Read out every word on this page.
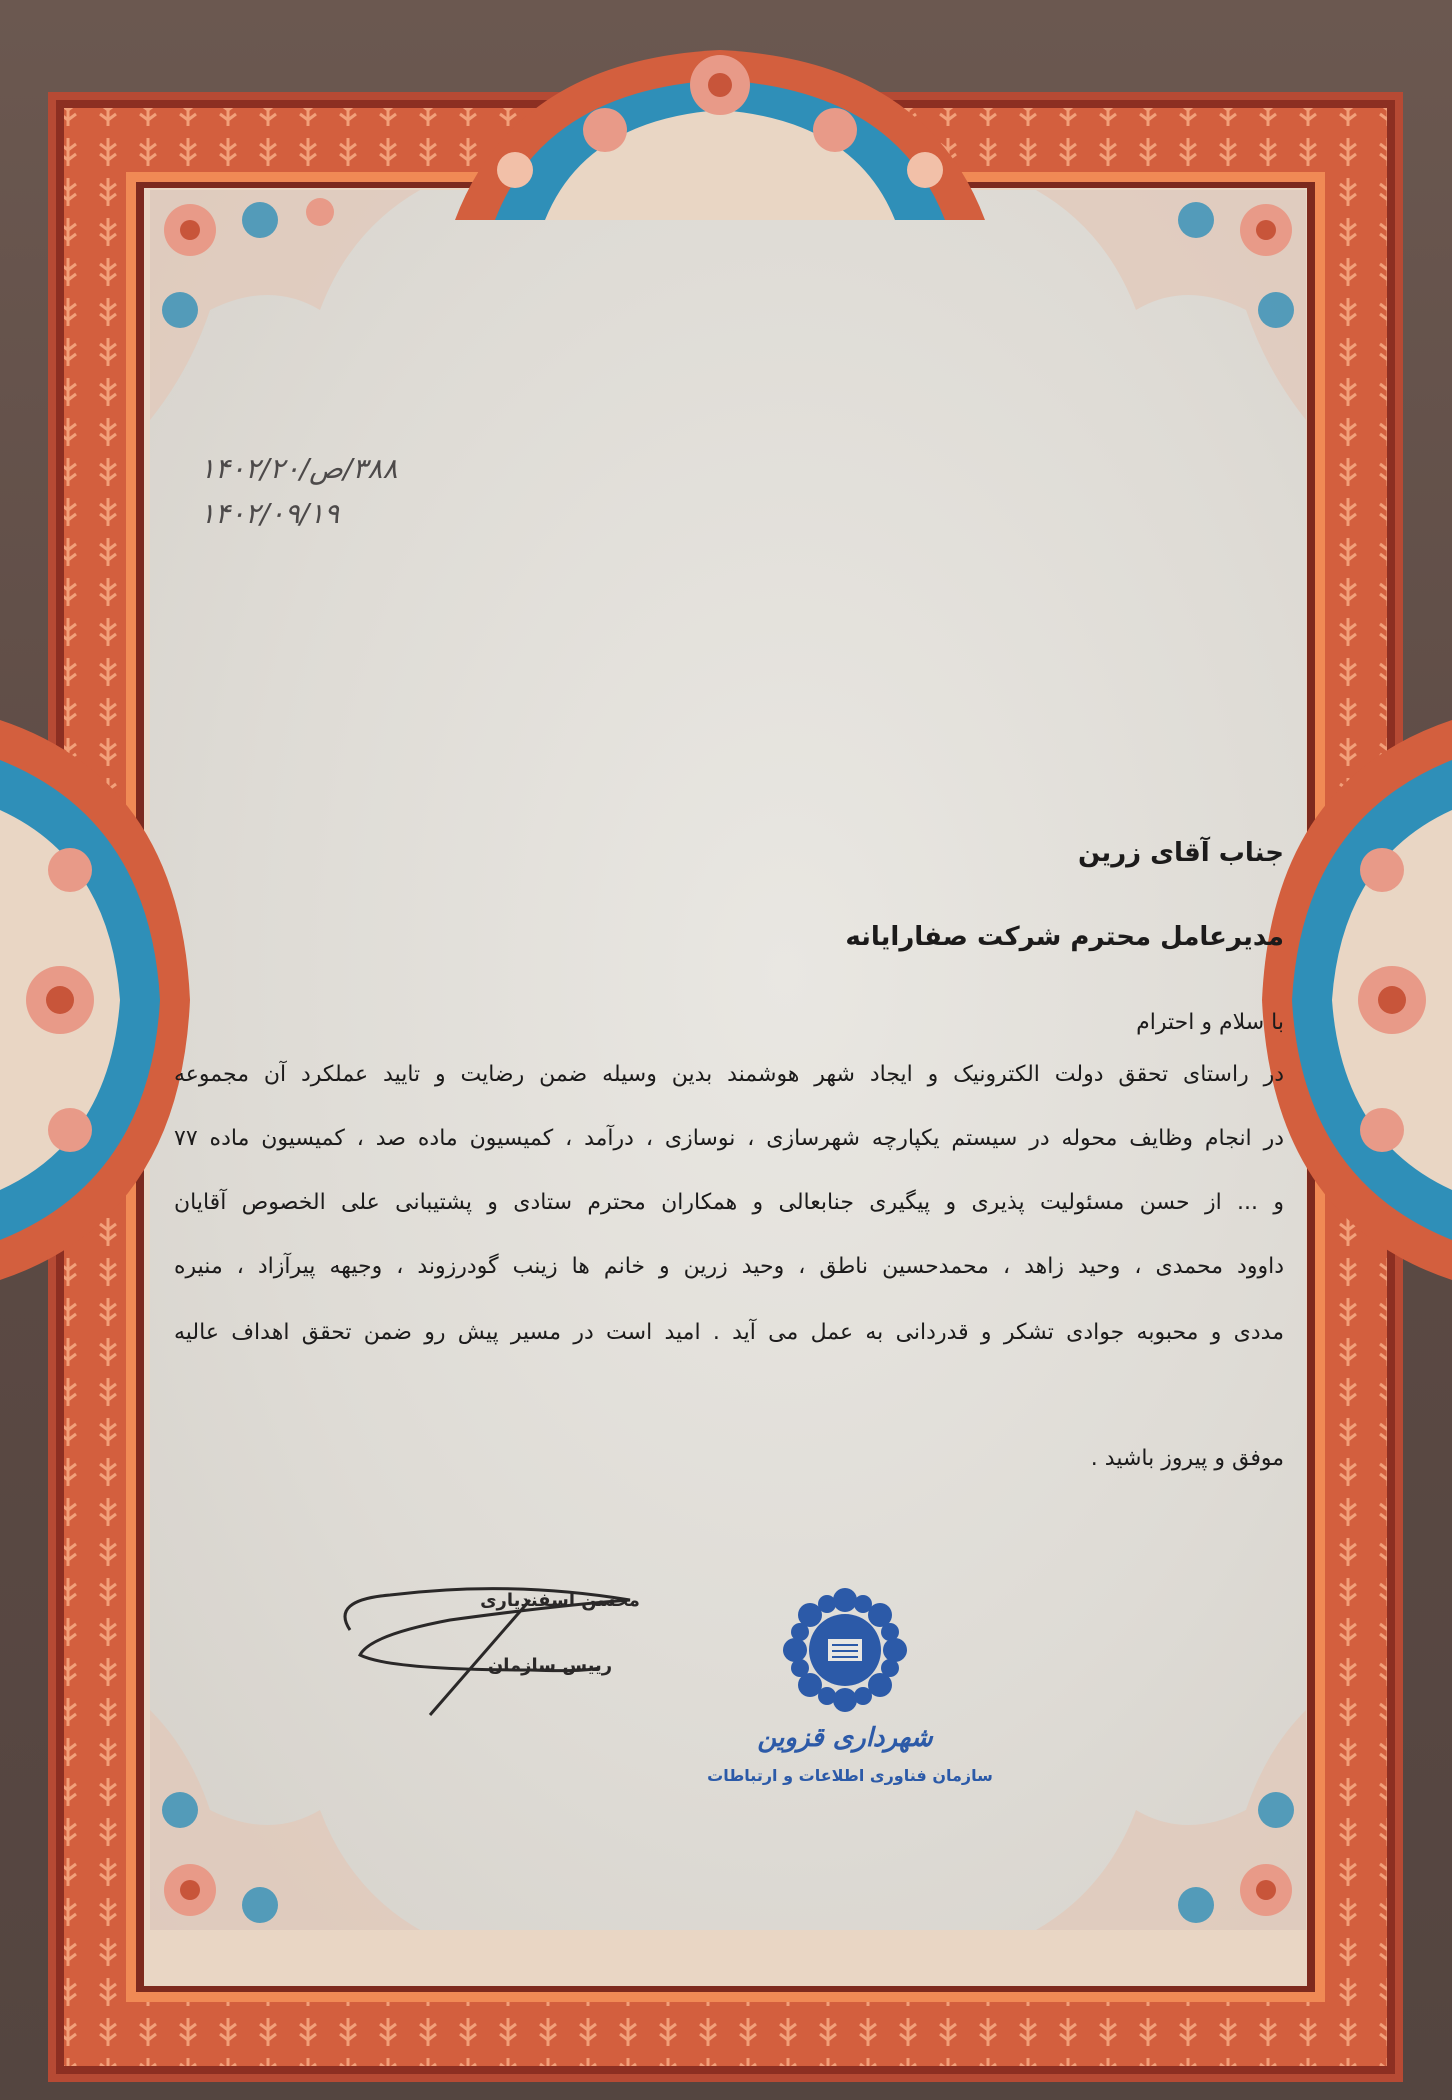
۳۸۸/ص/۱۴۰۲/۲۰
۱۴۰۲/۰۹/۱۹
جناب آقای زرین
مدیرعامل محترم شرکت صفارایانه
با سلام و احترام
در راستای تحقق دولت الکترونیک و ایجاد شهر هوشمند بدین وسیله ضمن رضایت و تایید عملکرد آن مجموعه
در انجام وظایف محوله در سیستم یکپارچه شهرسازی ، نوسازی ، درآمد ، کمیسیون ماده صد ، کمیسیون ماده ۷۷
و ... از حسن مسئولیت پذیری و پیگیری جنابعالی و همکاران محترم ستادی و پشتیبانی علی الخصوص آقایان
داوود محمدی ، وحید زاهد ، محمدحسین ناطق ، وحید زرین و خانم ها زینب گودرزوند ، وجیهه پیرآزاد ، منیره
مددی و محبوبه جوادی تشکر و قدردانی به عمل می آید . امید است در مسیر پیش رو ضمن تحقق اهداف عالیه
موفق و پیروز باشید .
محسن اسفندیاری
رییس سازمان
شهرداری قزوین
سازمان فناوری اطلاعات و ارتباطات
